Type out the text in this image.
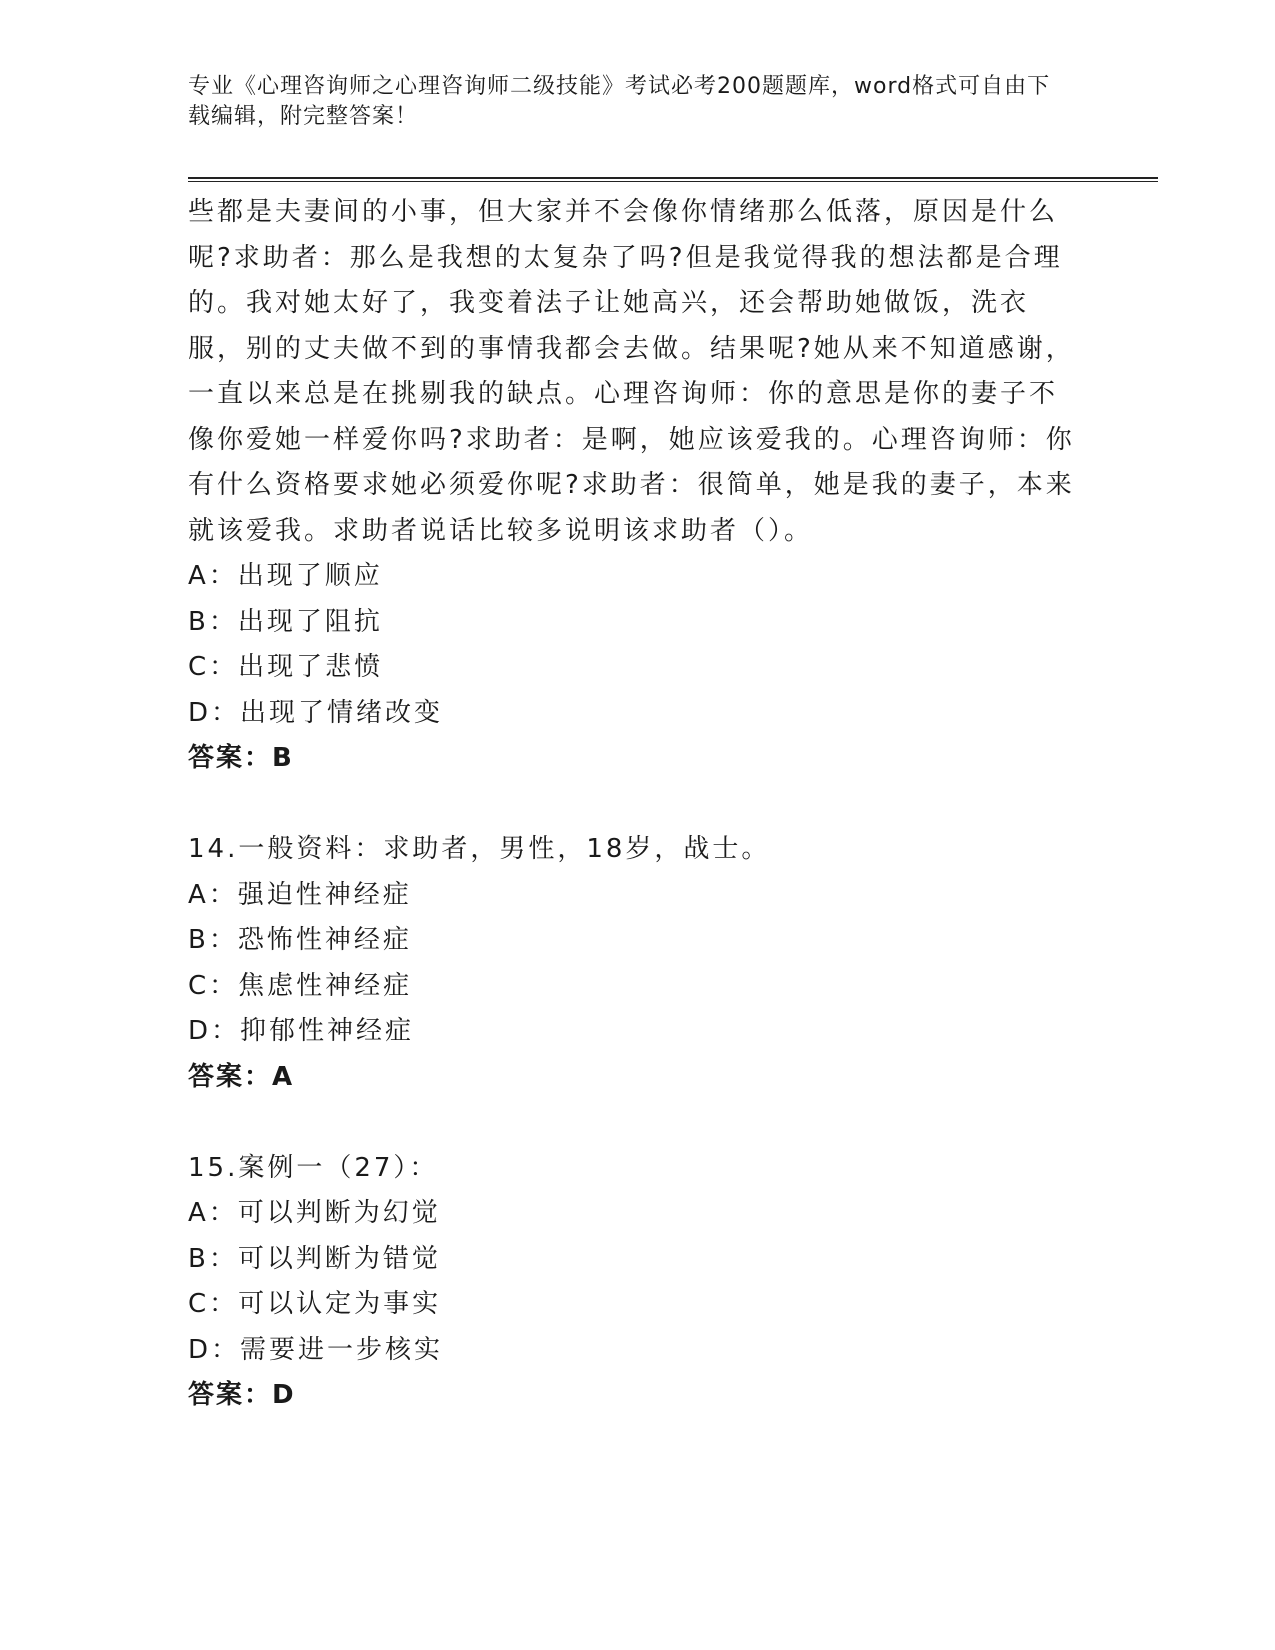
专业《心理咨询师之心理咨询师二级技能》考试必考200题题库，word格式可自由下载编辑，附完整答案！

些都是夫妻间的小事，但大家并不会像你情绪那么低落，原因是什么呢?求助者：那么是我想的太复杂了吗?但是我觉得我的想法都是合理的。我对她太好了，我变着法子让她高兴，还会帮助她做饭，洗衣服，别的丈夫做不到的事情我都会去做。结果呢?她从来不知道感谢，一直以来总是在挑剔我的缺点。心理咨询师：你的意思是你的妻子不像你爱她一样爱你吗?求助者：是啊，她应该爱我的。心理咨询师：你有什么资格要求她必须爱你呢?求助者：很简单，她是我的妻子，本来就该爱我。求助者说话比较多说明该求助者（）。

A：出现了顺应
B：出现了阻抗
C：出现了悲愤
D：出现了情绪改变
答案：B
14.一般资料：求助者，男性，18岁，战士。
A：强迫性神经症
B：恐怖性神经症
C：焦虑性神经症
D：抑郁性神经症
答案：A
15.案例一（27）：
A：可以判断为幻觉
B：可以判断为错觉
C：可以认定为事实
D：需要进一步核实
答案：D
